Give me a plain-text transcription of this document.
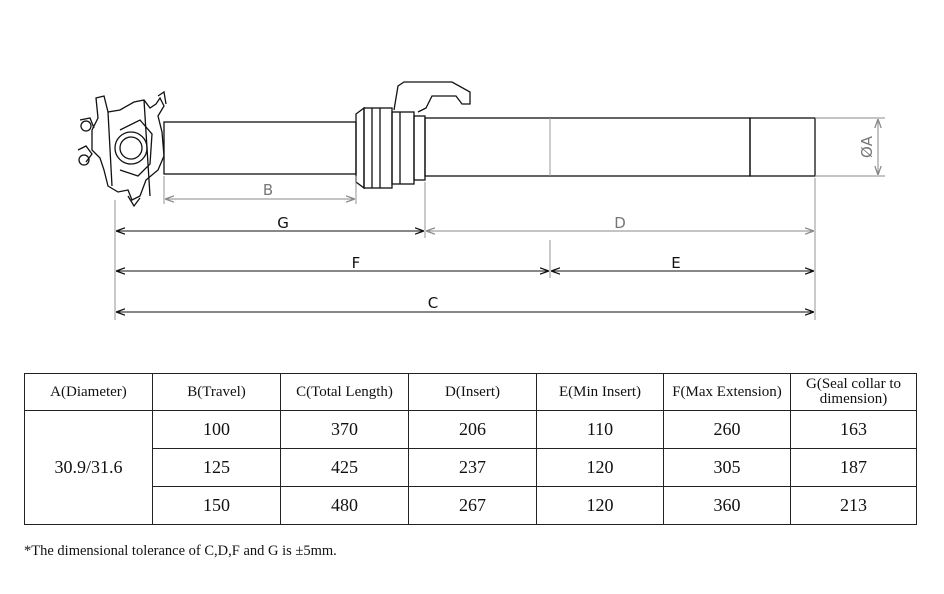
B
G	D
F	E
C
ØA
A(Diameter)	B(Travel)	C(Total Length)	D(Insert)	E(Min Insert)	F(Max Extension)	G(Seal collar to dimension)
30.9/31.6	100	370	206	110	260	163
	125	425	237	120	305	187
	150	480	267	120	360	213
*The dimensional tolerance of C,D,F and G is ±5mm.
